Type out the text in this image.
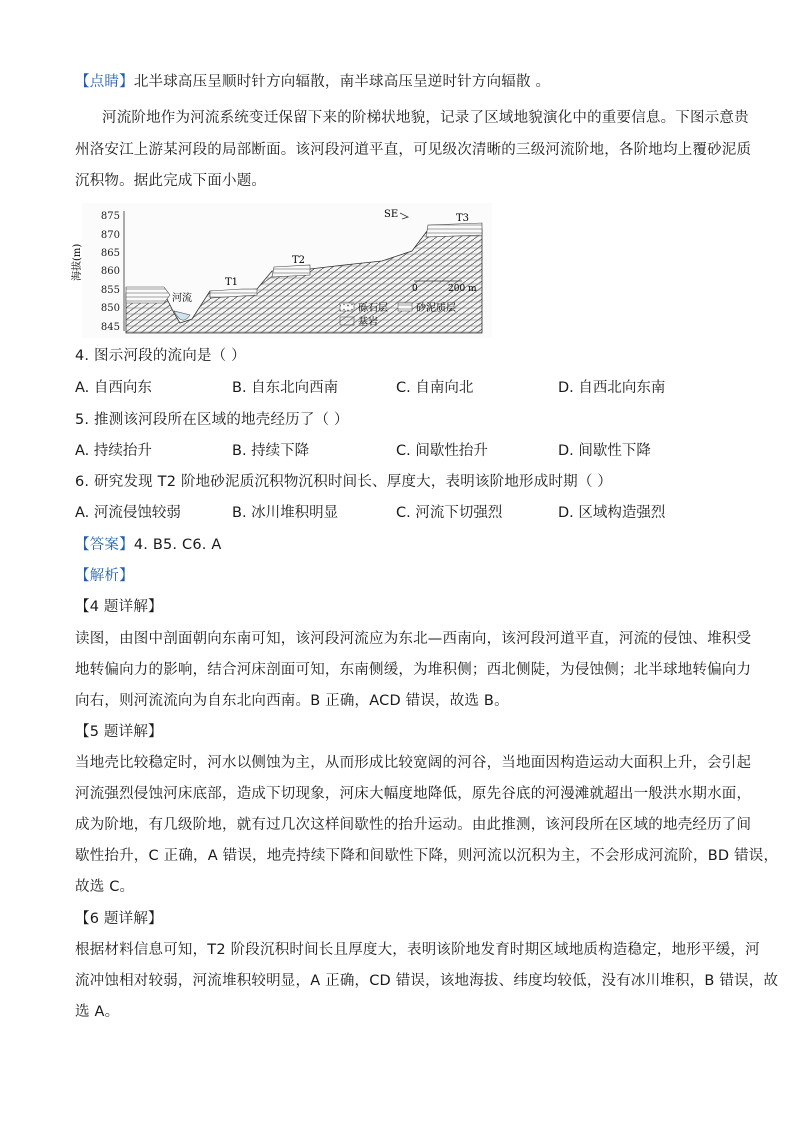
【点睛】北半球高压呈顺时针方向辐散，南半球高压呈逆时针方向辐散 。
河流阶地作为河流系统变迁保留下来的阶梯状地貌，记录了区域地貌演化中的重要信息。下图示意贵
州洛安江上游某河段的局部断面。该河段河道平直，可见级次清晰的三级河流阶地，各阶地均上覆砂泥质
沉积物。据此完成下面小题。
海拔(m)
875
870
865
860
855
850
845
河流
T1
T2
T3
SE
0	200 m
砾石层	砂泥质层
基岩
4. 图示河段的流向是（ ）
A. 自西向东	B. 自东北向西南	C. 自南向北	D. 自西北向东南
5. 推测该河段所在区域的地壳经历了（ ）
A. 持续抬升	B. 持续下降	C. 间歇性抬升	D. 间歇性下降
6. 研究发现 T2 阶地砂泥质沉积物沉积时间长、厚度大，表明该阶地形成时期（ ）
A. 河流侵蚀较弱	B. 冰川堆积明显	C. 河流下切强烈	D. 区域构造强烈
【答案】4. B5. C6. A
【解析】
【4 题详解】
读图，由图中剖面朝向东南可知，该河段河流应为东北—西南向，该河段河道平直，河流的侵蚀、堆积受
地转偏向力的影响，结合河床剖面可知，东南侧缓，为堆积侧；西北侧陡，为侵蚀侧；北半球地转偏向力
向右，则河流流向为自东北向西南。B 正确，ACD 错误，故选 B。
【5 题详解】
当地壳比较稳定时，河水以侧蚀为主，从而形成比较宽阔的河谷，当地面因构造运动大面积上升，会引起
河流强烈侵蚀河床底部，造成下切现象，河床大幅度地降低，原先谷底的河漫滩就超出一般洪水期水面，
成为阶地，有几级阶地，就有过几次这样间歇性的抬升运动。由此推测，该河段所在区域的地壳经历了间
歇性抬升，C 正确，A 错误，地壳持续下降和间歇性下降，则河流以沉积为主，不会形成河流阶，BD 错误，
故选 C。
【6 题详解】
根据材料信息可知，T2 阶段沉积时间长且厚度大，表明该阶地发育时期区域地质构造稳定，地形平缓，河
流冲蚀相对较弱，河流堆积较明显，A 正确，CD 错误，该地海拔、纬度均较低，没有冰川堆积，B 错误，故
选 A。
